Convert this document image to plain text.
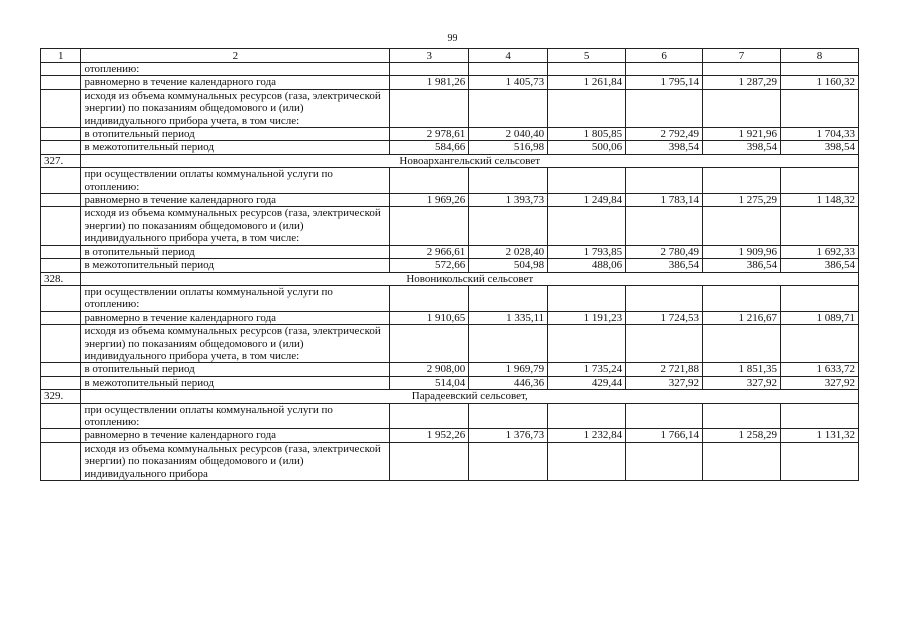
99
1	2	3	4	5	6	7	8
	отоплению:						
	равномерно в течение календарного года	1 981,26	1 405,73	1 261,84	1 795,14	1 287,29	1 160,32
	исходя из объема коммунальных ресурсов (газа, электрической энергии) по показаниям общедомового и (или) индивидуального прибора учета, в том числе:						
	в отопительный период	2 978,61	2 040,40	1 805,85	2 792,49	1 921,96	1 704,33
	в межотопительный период	584,66	516,98	500,06	398,54	398,54	398,54
327.	Новоархангельский сельсовет						
	при осуществлении оплаты коммунальной услуги по отоплению:						
	равномерно в течение календарного года	1 969,26	1 393,73	1 249,84	1 783,14	1 275,29	1 148,32
	исходя из объема коммунальных ресурсов (газа, электрической энергии) по показаниям общедомового и (или) индивидуального прибора учета, в том числе:						
	в отопительный период	2 966,61	2 028,40	1 793,85	2 780,49	1 909,96	1 692,33
	в межотопительный период	572,66	504,98	488,06	386,54	386,54	386,54
328.	Новоникольский сельсовет						
	при осуществлении оплаты коммунальной услуги по отоплению:						
	равномерно в течение календарного года	1 910,65	1 335,11	1 191,23	1 724,53	1 216,67	1 089,71
	исходя из объема коммунальных ресурсов (газа, электрической энергии) по показаниям общедомового и (или) индивидуального прибора учета, в том числе:						
	в отопительный период	2 908,00	1 969,79	1 735,24	2 721,88	1 851,35	1 633,72
	в межотопительный период	514,04	446,36	429,44	327,92	327,92	327,92
329.	Парадеевский сельсовет,						
	при осуществлении оплаты коммунальной услуги по отоплению:						
	равномерно в течение календарного года	1 952,26	1 376,73	1 232,84	1 766,14	1 258,29	1 131,32
	исходя из объема коммунальных ресурсов (газа, электрической энергии) по показаниям общедомового и (или) индивидуального прибора						
